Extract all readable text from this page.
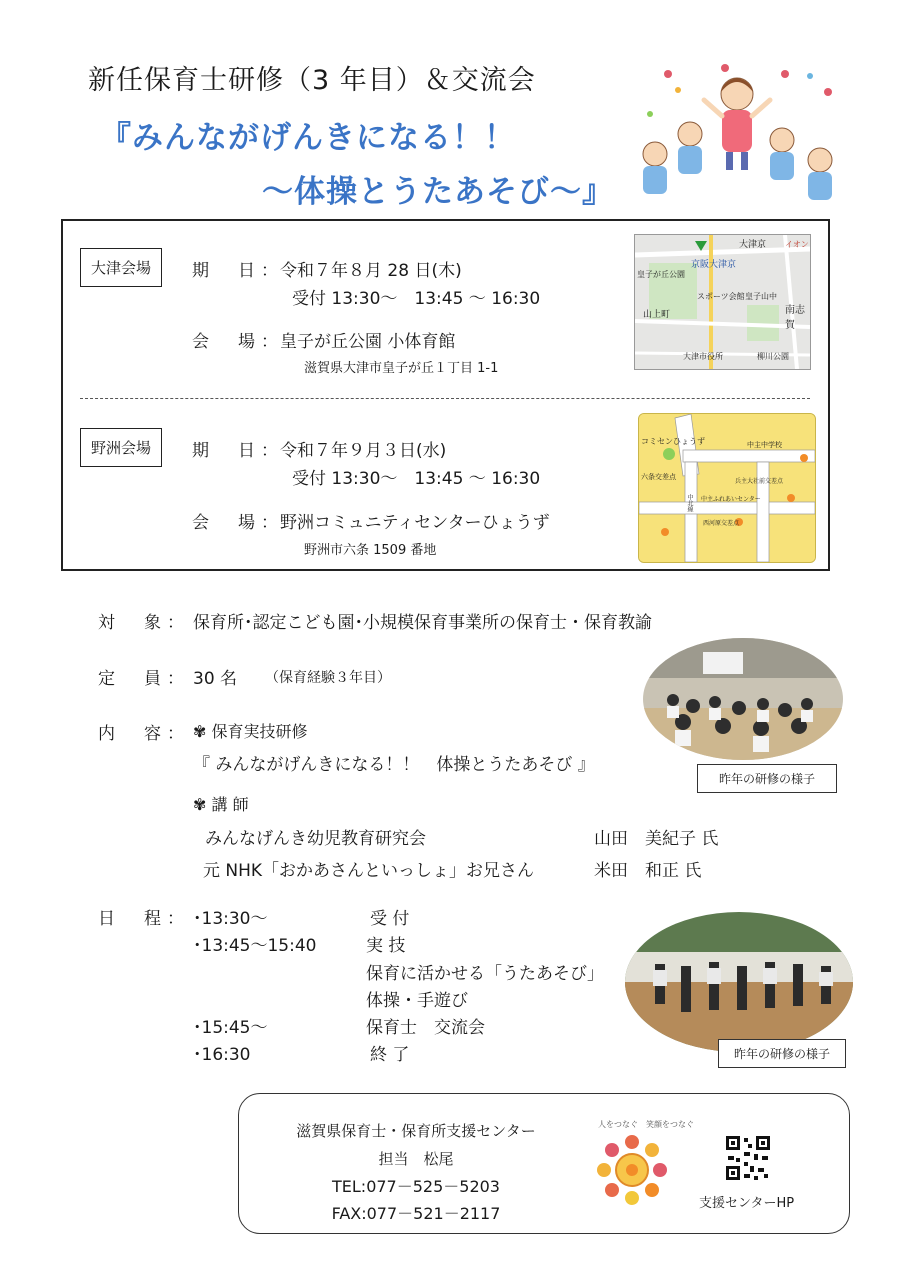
新任保育士研修（3 年目）＆交流会
『みんながげんきになる！！
～体操とうたあそび～』
大津会場	期　日：
令和７年８月 28 日(木)
受付 13:30～　13:45 ～ 16:30
会　場：
皇子が丘公園 小体育館
滋賀県大津市皇子が丘１丁目 1-1
大津京
京阪大津京
皇子が丘公園
スポーツ会館
山上町
皇子山中
大津市役所
南志賀
柳川公園
イオン
野洲会場	期　日：
令和７年９月３日(水)
受付 13:30～　13:45 ～ 16:30
会　場：
野洲コミュニティセンターひょうず
野洲市六条 1509 番地
コミセンひょうず	中主中学校
六条交差点
兵主大社前交差点
中主ふれあいセンター
西河原交差点
中北線
対　象： 保育所･認定こども園･小規模保育事業所の保育士・保育教諭
定　員： 30 名 （保育経験３年目）
内　容： ✾ 保育実技研修
『 みんながげんきになる！！　体操とうたあそび 』
✾ 講 師
みんなげんき幼児教育研究会	山田　美紀子 氏
元 NHK「おかあさんといっしょ」お兄さん	米田　和正 氏
日　程： ･13:30～	受 付
･13:45～15:40	実 技
保育に活かせる「うたあそび」
体操・手遊び
･15:45～	保育士　交流会
･16:30	終 了
昨年の研修の様子
昨年の研修の様子
滋賀県保育士・保育所支援センター
担当　松尾
TEL:077－525－5203
FAX:077－521－2117
人をつなぐ　笑顔をつなぐ
支援センターHP
